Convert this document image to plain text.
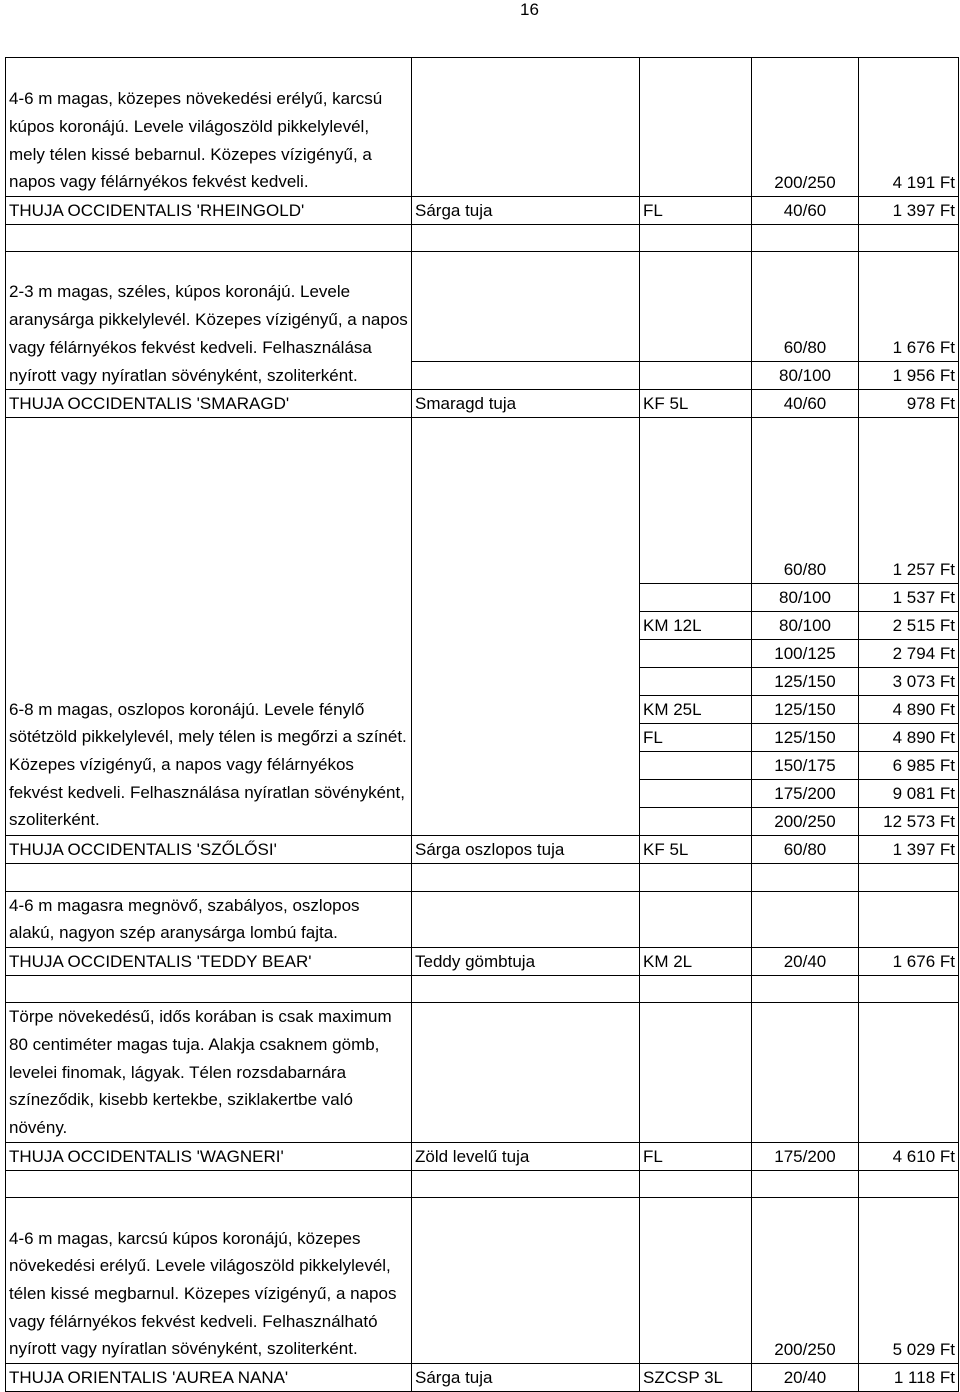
16
4-6 m magas, közepes növekedési erélyű, karcsú kúpos koronájú. Levele világoszöld pikkelylevél, mely télen kissé bebarnul. Közepes vízigényű, a napos vagy félárnyékos fekvést kedveli.			200/250	4 191 Ft
THUJA OCCIDENTALIS 'RHEINGOLD'	Sárga tuja	FL	40/60	1 397 Ft

2-3 m magas, széles, kúpos koronájú. Levele aranysárga pikkelylevél. Közepes vízigényű, a napos vagy félárnyékos fekvést kedveli. Felhasználása nyírott vagy nyíratlan sövényként, szoliterként.			60/80	1 676 Ft
			80/100	1 956 Ft
THUJA OCCIDENTALIS 'SMARAGD'	Smaragd tuja	KF 5L	40/60	978 Ft
			60/80	1 257 Ft
			80/100	1 537 Ft
		KM 12L	80/100	2 515 Ft
			100/125	2 794 Ft
			125/150	3 073 Ft
6-8 m magas, oszlopos koronájú. Levele fénylő sötétzöld pikkelylevél, mely télen is megőrzi a színét. Közepes vízigényű, a napos vagy félárnyékos fekvést kedveli. Felhasználása nyíratlan sövényként, szoliterként.		KM 25L	125/150	4 890 Ft
		FL	125/150	4 890 Ft
			150/175	6 985 Ft
			175/200	9 081 Ft
			200/250	12 573 Ft
THUJA OCCIDENTALIS 'SZŐLŐSI'	Sárga oszlopos tuja	KF 5L	60/80	1 397 Ft

4-6 m magasra megnövő, szabályos, oszlopos alakú, nagyon szép aranysárga lombú fajta.				
THUJA OCCIDENTALIS 'TEDDY BEAR'	Teddy gömbtuja	KM 2L	20/40	1 676 Ft

Törpe növekedésű, idős korában is csak maximum 80 centiméter magas tuja. Alakja csaknem gömb, levelei finomak, lágyak. Télen rozsdabarnára színeződik, kisebb kertekbe, sziklakertbe való növény.				
THUJA OCCIDENTALIS 'WAGNERI'	Zöld levelű tuja	FL	175/200	4 610 Ft

4-6 m magas, karcsú kúpos koronájú, közepes növekedési erélyű. Levele világoszöld pikkelylevél, télen kissé megbarnul. Közepes vízigényű, a napos vagy félárnyékos fekvést kedveli. Felhasználható nyírott vagy nyíratlan sövényként, szoliterként.			200/250	5 029 Ft
THUJA ORIENTALIS 'AUREA NANA'	Sárga tuja	SZCSP 3L	20/40	1 118 Ft
